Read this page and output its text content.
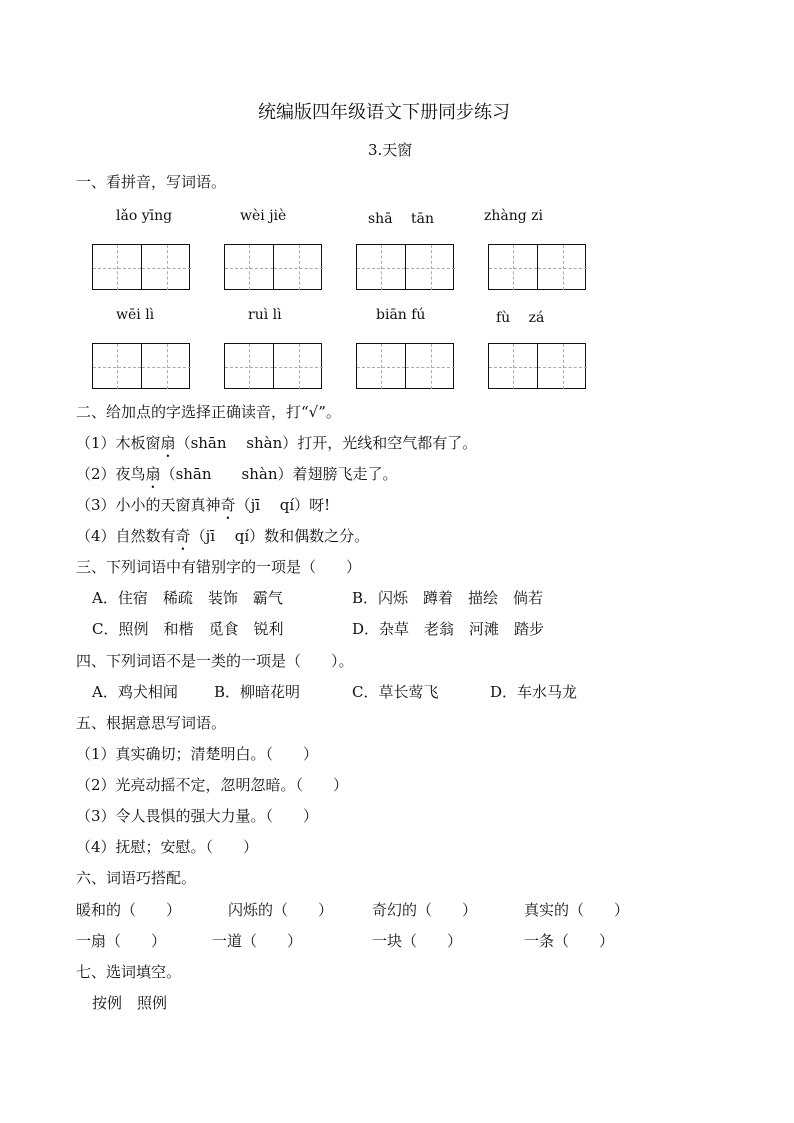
统编版四年级语文下册同步练习
3.天窗
一、看拼音，写词语。
lǎo yīng	wèi jiè	shā　 tān	zhàng zi
wēi lì	ruì lì	biān fú	fù　 zá
二、给加点的字选择正确读音，打“√”。
（1）木板窗扇（shān　 shàn）打开，光线和空气都有了。
（2）夜鸟扇（shān　　shàn）着翅膀飞走了。
（3）小小的天窗真神奇（jī　 qí）呀!
（4）自然数有奇（jī　 qí）数和偶数之分。
三、下列词语中有错别字的一项是（　　）
A．住宿　稀疏　装饰　霸气	B．闪烁　蹲着　描绘　倘若
C．照例　和楷　觅食　锐利	D．杂草　老翁　河滩　踏步
四、下列词语不是一类的一项是（　　）。
A．鸡犬相闻 B．柳暗花明	C．草长莺飞	D．车水马龙
五、根据意思写词语。
（1）真实确切；清楚明白。（　　）
（2）光亮动摇不定，忽明忽暗。（　　）
（3）令人畏惧的强大力量。（　　）
（4）抚慰；安慰。（　　）
六、词语巧搭配。
暖和的（　　）	闪烁的（　　）	奇幻的（　　）	真实的（　　）
一扇（　　）	一道（　　）	一块（　　）	一条（　　）
七、选词填空。
按例　照例
